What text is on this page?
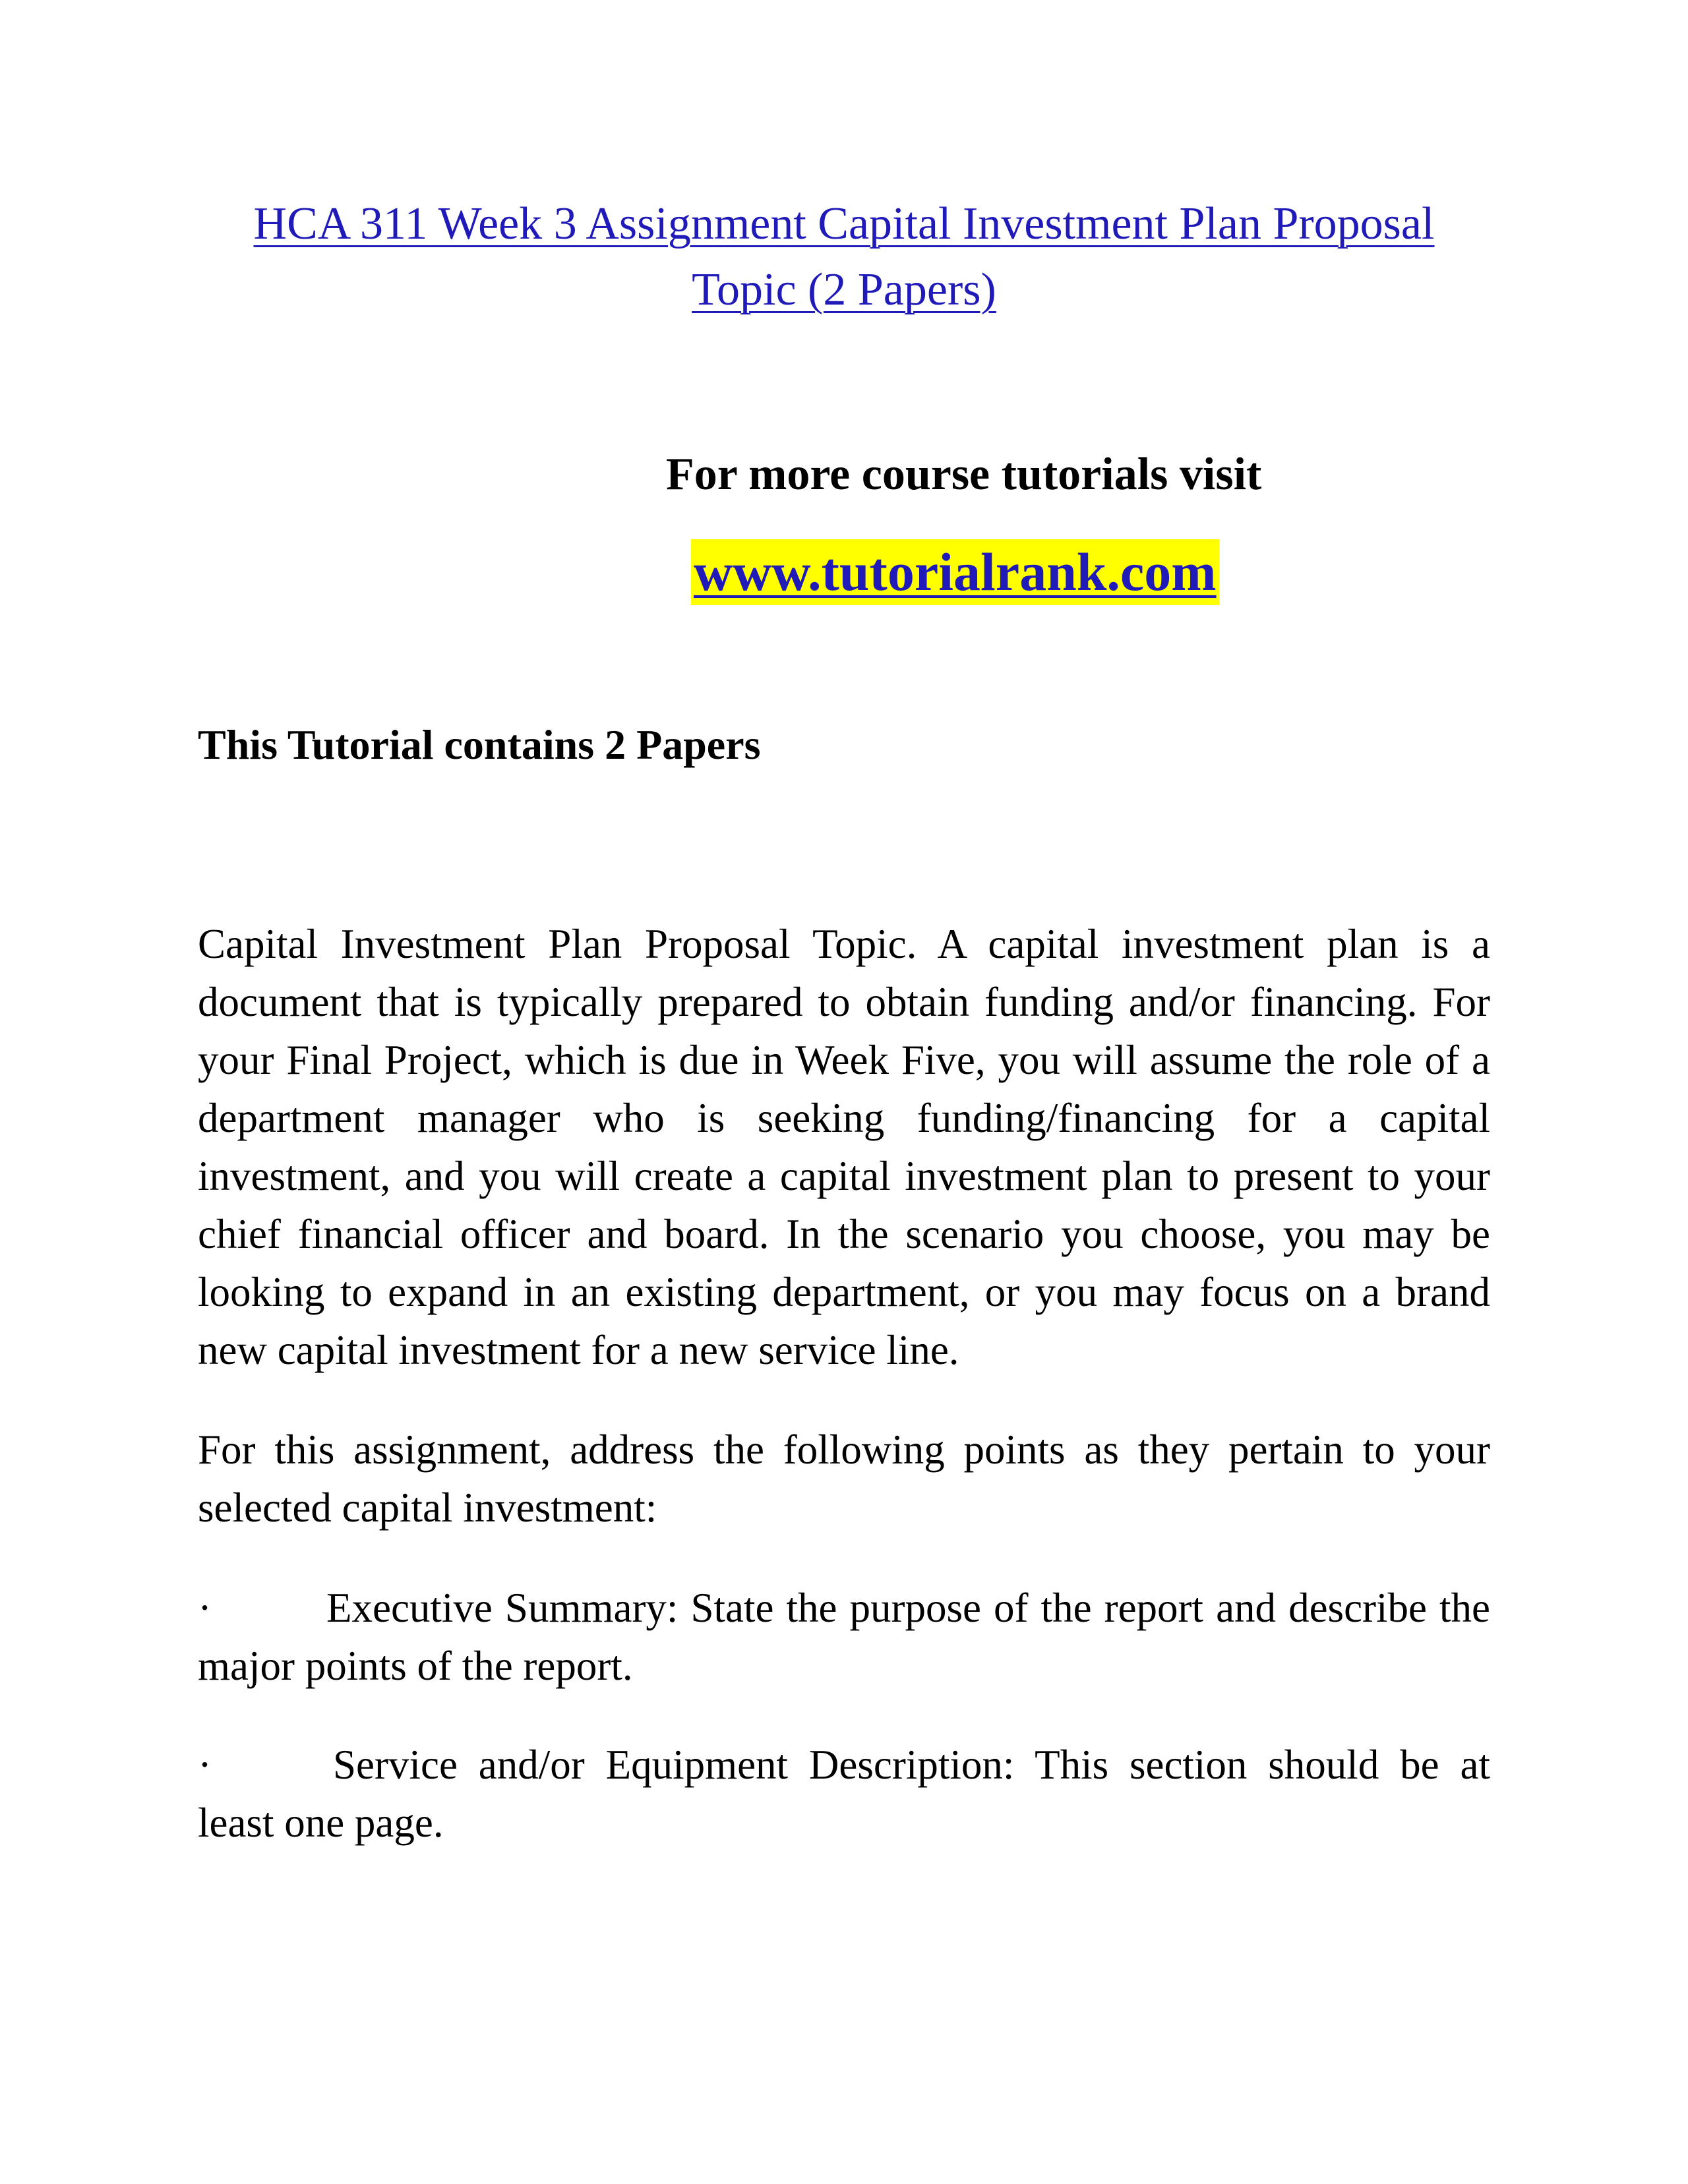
HCA 311 Week 3 Assignment Capital Investment Plan Proposal Topic (2 Papers)
For more course tutorials visit
www.tutorialrank.com
This Tutorial contains 2 Papers

Capital Investment Plan Proposal Topic. A capital investment plan is a document that is typically prepared to obtain funding and/or financing. For your Final Project, which is due in Week Five, you will assume the role of a department manager who is seeking funding/financing for a capital investment, and you will create a capital investment plan to present to your chief financial officer and board. In the scenario you choose, you may be looking to expand in an existing department, or you may focus on a brand new capital investment for a new service line.

For this assignment, address the following points as they pertain to your selected capital investment:

·	Executive Summary: State the purpose of the report and describe the major points of the report.

·	Service and/or Equipment Description: This section should be at least one page.
